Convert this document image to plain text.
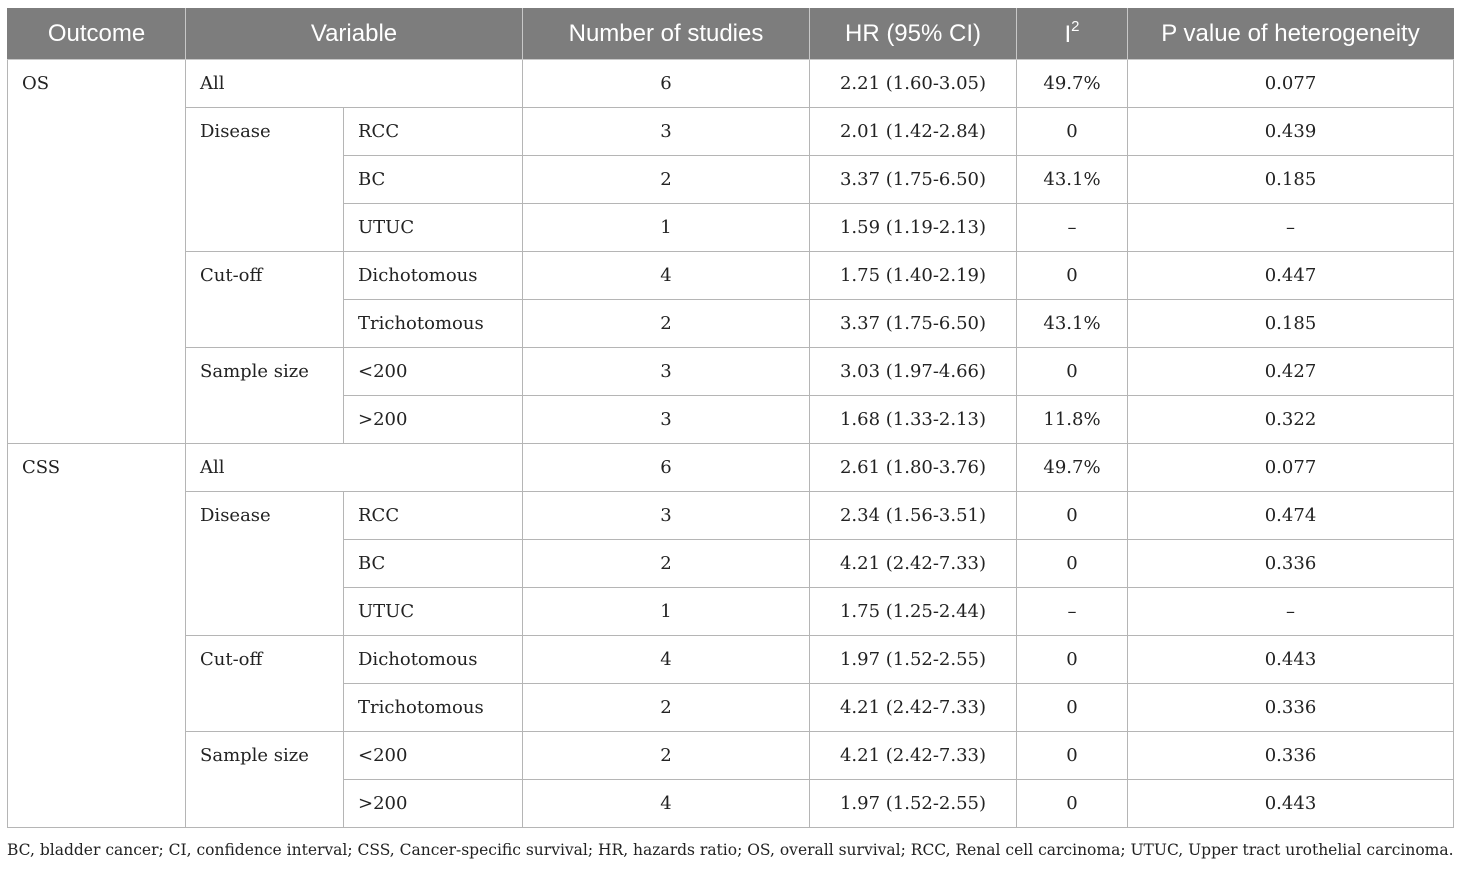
Outcome	Variable		Number of studies	HR (95% CI)	$I^2$	P value of heterogeneity
OS	All		6	2.21 (1.60-3.05)	49.7%	0.077
	Disease	RCC	3	2.01 (1.42-2.84)	0	0.439
		BC	2	3.37 (1.75-6.50)	43.1%	0.185
		UTUC	1	1.59 (1.19-2.13)	–	–
	Cut-off	Dichotomous	4	1.75 (1.40-2.19)	0	0.447
		Trichotomous	2	3.37 (1.75-6.50)	43.1%	0.185
	Sample size	<200	3	3.03 (1.97-4.66)	0	0.427
		>200	3	1.68 (1.33-2.13)	11.8%	0.322
CSS	All		6	2.61 (1.80-3.76)	49.7%	0.077
	Disease	RCC	3	2.34 (1.56-3.51)	0	0.474
		BC	2	4.21 (2.42-7.33)	0	0.336
		UTUC	1	1.75 (1.25-2.44)	–	–
	Cut-off	Dichotomous	4	1.97 (1.52-2.55)	0	0.443
		Trichotomous	2	4.21 (2.42-7.33)	0	0.336
	Sample size	<200	2	4.21 (2.42-7.33)	0	0.336
		>200	4	1.97 (1.52-2.55)	0	0.443
BC, bladder cancer; CI, confidence interval; CSS, Cancer-specific survival; HR, hazards ratio; OS, overall survival; RCC, Renal cell carcinoma; UTUC, Upper tract urothelial carcinoma.
